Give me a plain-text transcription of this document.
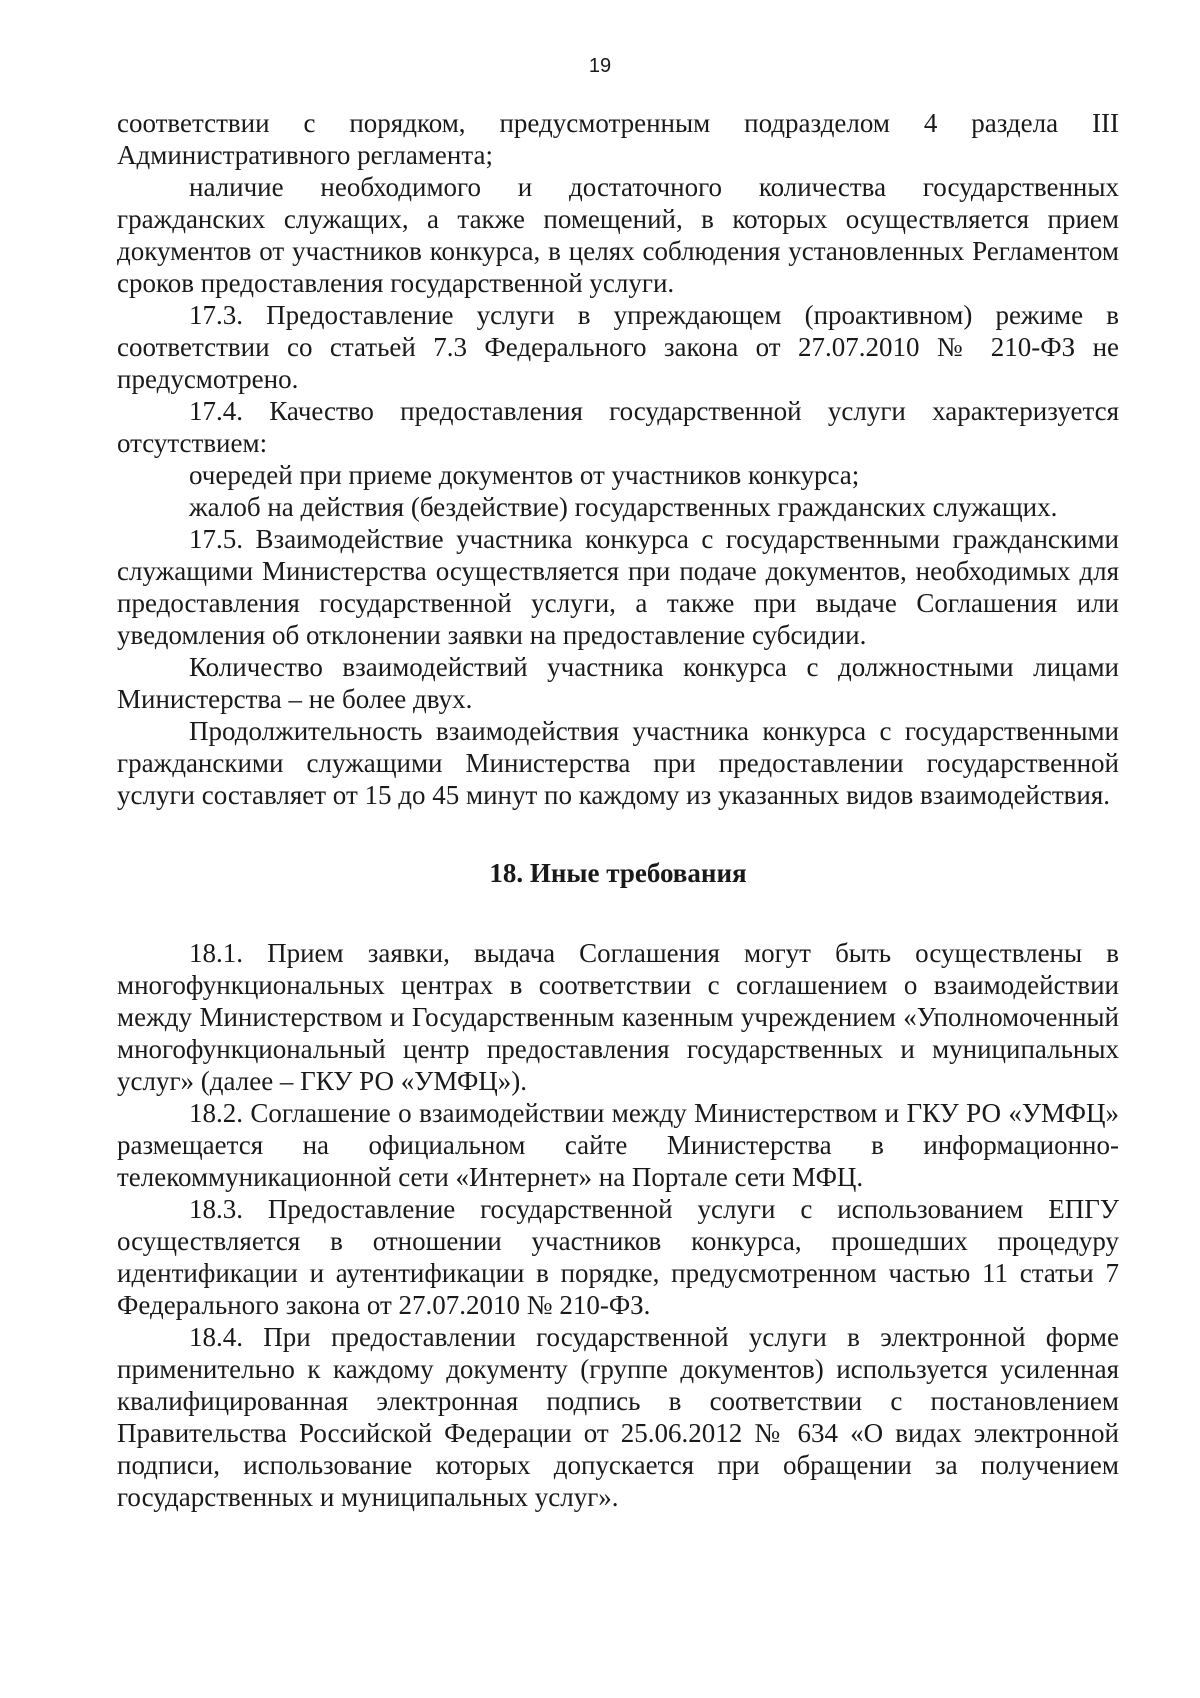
19

соответствии с порядком, предусмотренным подразделом 4 раздела III Административного регламента;

наличие необходимого и достаточного количества государственных гражданских служащих, а также помещений, в которых осуществляется прием документов от участников конкурса, в целях соблюдения установленных Регламентом сроков предоставления государственной услуги.

17.3. Предоставление услуги в упреждающем (проактивном) режиме в соответствии со статьей 7.3 Федерального закона от 27.07.2010 № 210-ФЗ не предусмотрено.

17.4. Качество предоставления государственной услуги характеризуется отсутствием:

очередей при приеме документов от участников конкурса;

жалоб на действия (бездействие) государственных гражданских служащих.

17.5. Взаимодействие участника конкурса с государственными гражданскими служащими Министерства осуществляется при подаче документов, необходимых для предоставления государственной услуги, а также при выдаче Соглашения или уведомления об отклонении заявки на предоставление субсидии.

Количество взаимодействий участника конкурса с должностными лицами Министерства – не более двух.

Продолжительность взаимодействия участника конкурса с государственными гражданскими служащими Министерства при предоставлении государственной услуги составляет от 15 до 45 минут по каждому из указанных видов взаимодействия.

18. Иные требования

18.1. Прием заявки, выдача Соглашения могут быть осуществлены в многофункциональных центрах в соответствии с соглашением о взаимодействии между Министерством и Государственным казенным учреждением «Уполномоченный многофункциональный центр предоставления государственных и муниципальных услуг» (далее – ГКУ РО «УМФЦ»).

18.2. Соглашение о взаимодействии между Министерством и ГКУ РО «УМФЦ» размещается на официальном сайте Министерства в информационно-телекоммуникационной сети «Интернет» на Портале сети МФЦ.

18.3. Предоставление государственной услуги с использованием ЕПГУ осуществляется в отношении участников конкурса, прошедших процедуру идентификации и аутентификации в порядке, предусмотренном частью 11 статьи 7 Федерального закона от 27.07.2010 № 210-ФЗ.

18.4. При предоставлении государственной услуги в электронной форме применительно к каждому документу (группе документов) используется усиленная квалифицированная электронная подпись в соответствии с постановлением Правительства Российской Федерации от 25.06.2012 № 634 «О видах электронной подписи, использование которых допускается при обращении за получением государственных и муниципальных услуг».
